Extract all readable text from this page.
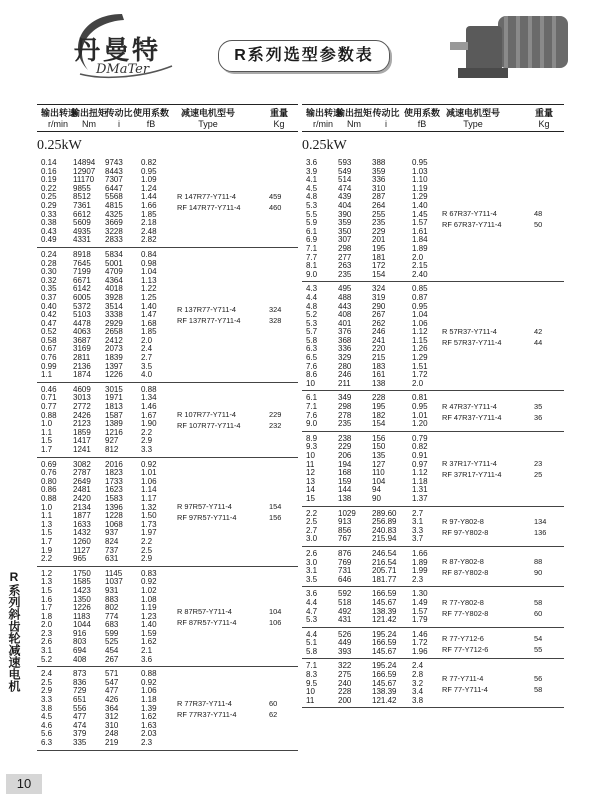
丹曼特
DMaTer
R系列选型参数表
R系列斜齿轮减速电机
10
输出转速
r/min
输出扭矩
Nm
传动比
i
使用系数
fB
减速电机型号
Type
重量
Kg
0.25kW
0.14 14894 9743 0.82
0.16 12907 8443 0.95
0.19 11170 7307 1.09
0.22 9855 6447 1.24
0.25 8512 5568 1.44
0.29 7361 4815 1.66
0.33 6612 4325 1.85
0.38 5609 3669 2.18
0.43 4935 3228 2.48
0.49 4331 2833 2.82
R 147R77-Y711-4	459
RF 147R77-Y711-4	460
0.24 8918 5834 0.84
0.28 7645 5001 0.98
0.30 7199 4709 1.04
0.32 6671 4364 1.13
0.35 6142 4018 1.22
0.37 6005 3928 1.25
0.40 5372 3514 1.40
0.42 5103 3338 1.47
0.47 4478 2929 1.68
0.52 4063 2658 1.85
0.58 3687 2412 2.0
0.67 3169 2073 2.4
0.76 2811 1839 2.7
0.99 2136 1397 3.5
1.1	1874 1226 4.0
R 137R77-Y711-4	324
RF 137R77-Y711-4	328
0.46 4609 3015 0.88
0.71 3013 1971 1.34
0.77 2772 1813 1.46
0.88 2426 1587 1.67
1.0	2123 1389 1.90
1.1	1859 1216 2.2
1.5	1417 927	2.9
1.7	1241 812	3.3
R 107R77-Y711-4	229
RF 107R77-Y711-4	232
0.69 3082 2016 0.92
0.76 2787 1823 1.01
0.80 2649 1733 1.06
0.86 2481 1623 1.14
0.88 2420 1583 1.17
1.0	2134 1396 1.32
1.1	1877 1228 1.50
1.3	1633 1068 1.73
1.5	1432 937	1.97
1.7	1260 824	2.2
1.9	1127 737	2.5
2.2	965 631	2.9
R 97R57-Y711-4	154
RF 97R57-Y711-4	156
1.2	1750 1145 0.83
1.3	1585 1037 0.92
1.5	1423 931	1.02
1.6	1350 883	1.08
1.7	1226 802	1.19
1.8	1183 774	1.23
2.0	1044 683	1.40
2.3	916 599	1.59
2.6	803 525	1.62
3.1	694 454	2.1
5.2	408 267	3.6
R 87R57-Y711-4	104
RF 87R57-Y711-4	106
2.4	873 571	0.88
2.5	836 547	0.92
2.9	729 477	1.06
3.3	651 426	1.18
3.8	556 364	1.39
4.5	477 312	1.62
4.6	474 310	1.63
5.6	379 248	2.03
6.3	335 219	2.3
R 77R37-Y711-4	60
RF 77R37-Y711-4	62
输出转速
r/min
输出扭矩
Nm
传动比
i
使用系数
fB
减速电机型号
Type
重量
Kg
0.25kW
3.6	593	388	0.95
3.9	549	359	1.03
4.1	514	336	1.10
4.5	474	310	1.19
4.8	439	287	1.29
5.3	404	264	1.40
5.5	390	255	1.45
5.9	359	235	1.57
6.1	350	229	1.61
6.9	307	201	1.84
7.1	298	195	1.89
7.7	277	181	2.0
8.1	263	172	2.15
9.0	235	154	2.40
R 67R37-Y711-4	48
RF 67R37-Y711-4	50
4.3	495	324	0.85
4.4	488	319	0.87
4.8	443	290	0.95
5.2	408	267	1.04
5.3	401	262	1.06
5.7	376	246	1.12
5.8	368	241	1.15
6.3	336	220	1.26
6.5	329	215	1.29
7.6	280	183	1.51
8.6	246	161	1.72
10	211	138	2.0
R 57R37-Y711-4	42
RF 57R37-Y711-4	44
6.1	349	228	0.81
7.1	298	195	0.95
7.6	278	182	1.01
9.0	235	154	1.20
R 47R37-Y711-4	35
RF 47R37-Y711-4	36
8.9	238	156	0.79
9.3	229	150	0.82
10	206	135	0.91
11	194	127	0.97
12	168	110	1.12
13	159	104	1.18
14	144	94	1.31
15	138	90	1.37
R 37R17-Y711-4	23
RF 37R17-Y711-4	25
2.2	1029 289.60 2.7
2.5	913	256.89 3.1
2.7	856	240.83 3.3
3.0	767	215.94 3.7
R 97-Y802-8	134
RF 97-Y802-8	136
2.6	876	246.54 1.66
3.0	769	216.54 1.89
3.1	731	205.71 1.99
3.5	646	181.77 2.3
R 87-Y802-8	88
RF 87-Y802-8	90
3.6	592	166.59 1.30
4.4	518	145.67 1.49
4.7	492	138.39 1.57
5.3	431	121.42 1.79
R 77-Y802-8	58
RF 77-Y802-8	60
4.4	526	195.24 1.46
5.1	449	166.59 1.72
5.8	393	145.67 1.96
R 77-Y712-6	54
RF 77-Y712-6	55
7.1	322	195.24 2.4
8.3	275	166.59 2.8
9.5	240	145.67 3.2
10	228	138.39 3.4
11	200	121.42 3.8
R 77-Y711-4	56
RF 77-Y711-4	58
